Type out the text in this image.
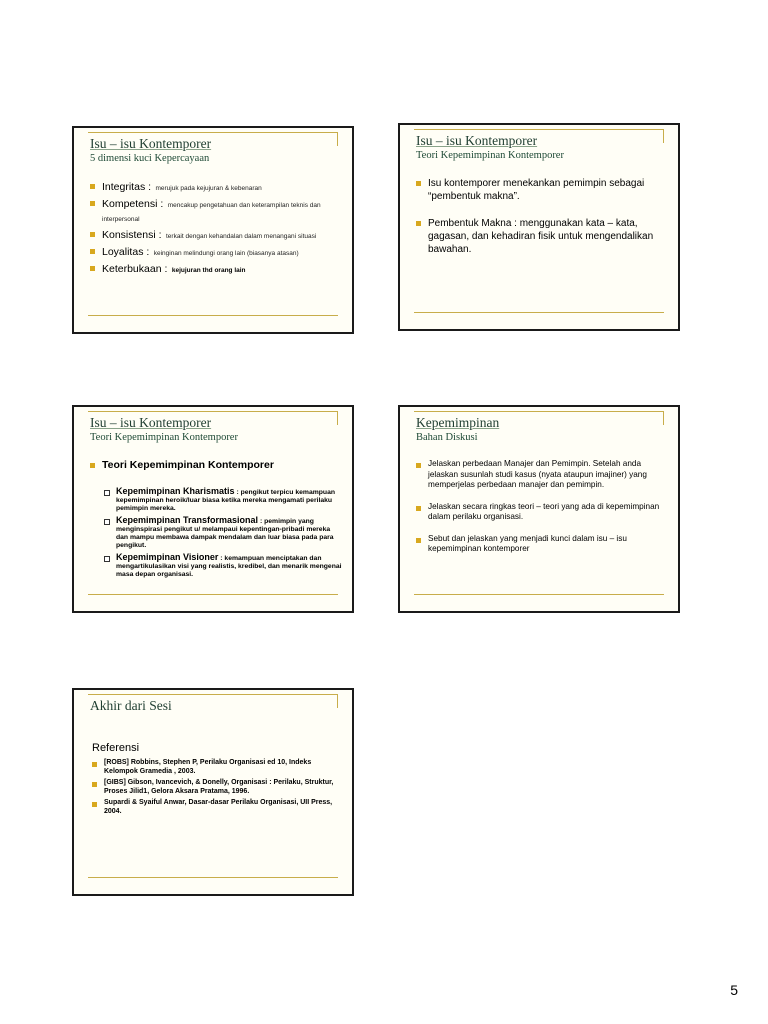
Isu – isu Kontemporer
5 dimensi kuci Kepercayaan
Integritas : merujuk pada kejujuran & kebenaran
Kompetensi : mencakup pengetahuan dan keterampilan teknis dan interpersonal
Konsistensi : terkait dengan kehandalan dalam menangani situasi
Loyalitas : keinginan melindungi orang lain (biasanya atasan)
Keterbukaan : kejujuran thd orang lain
Isu – isu Kontemporer
Teori Kepemimpinan Kontemporer
Isu kontemporer menekankan pemimpin sebagai “pembentuk makna”.
Pembentuk Makna : menggunakan kata – kata, gagasan, dan kehadiran fisik untuk mengendalikan bawahan.
Isu – isu Kontemporer
Teori Kepemimpinan Kontemporer
Teori Kepemimpinan Kontemporer
Kepemimpinan Kharismatis : pengikut terpicu kemampuan kepemimpinan heroik/luar biasa ketika mereka mengamati perilaku pemimpin mereka.
Kepemimpinan Transformasional : pemimpin yang menginspirasi pengikut u/ melampaui kepentingan-pribadi mereka dan mampu membawa dampak mendalam dan luar biasa pada para pengikut.
Kepemimpinan Visioner : kemampuan menciptakan dan mengartikulasikan visi yang realistis, kredibel, dan menarik mengenai masa depan organisasi.
Kepemimpinan
Bahan Diskusi
Jelaskan perbedaan Manajer dan Pemimpin. Setelah anda jelaskan susunlah studi kasus (nyata ataupun imajiner) yang memperjelas perbedaan manajer dan pemimpin.
Jelaskan secara ringkas teori – teori yang ada di kepemimpinan dalam perilaku organisasi.
Sebut dan jelaskan yang menjadi kunci dalam isu – isu kepemimpinan kontemporer
Akhir dari Sesi
Referensi
[ROBS] Robbins, Stephen P, Perilaku Organisasi ed 10, Indeks Kelompok Gramedia , 2003.
[GIBS] Gibson, Ivancevich, & Donelly, Organisasi : Perilaku, Struktur, Proses Jilid1, Gelora Aksara Pratama, 1996.
Supardi & Syaiful Anwar, Dasar-dasar Perilaku Organisasi, UII Press, 2004.
5
